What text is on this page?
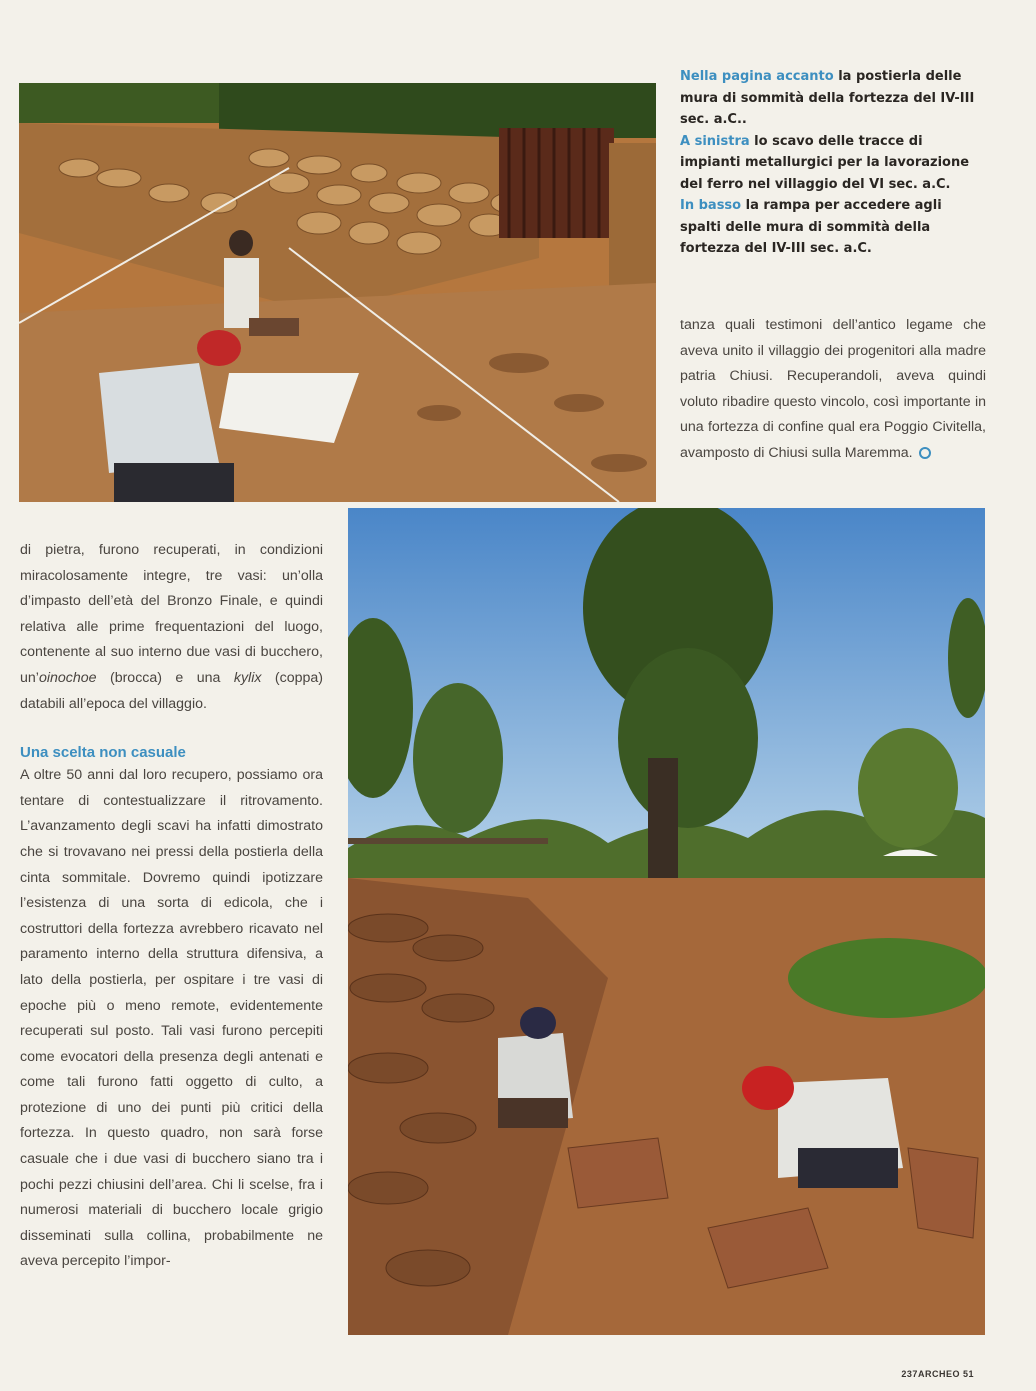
Nella pagina accanto la postierla delle mura di sommità della fortezza del IV-III sec. a.C..

A sinistra lo scavo delle tracce di impianti metallurgici per la lavorazione del ferro nel villaggio del VI sec. a.C.

In basso la rampa per accedere agli spalti delle mura di sommità della fortezza del IV-III sec. a.C.

tanza quali testimoni dell’antico legame che aveva unito il villaggio dei progenitori alla madre patria Chiusi. Recuperandoli, aveva quindi voluto ribadire questo vincolo, così importante in una fortezza di confine qual era Poggio Civitella, avamposto di Chiusi sulla Maremma.

di pietra, furono recuperati, in condizioni miracolosamente integre, tre vasi: un’olla d’impasto dell’età del Bronzo Finale, e quindi relativa alle prime frequentazioni del luogo, contenente al suo interno due vasi di bucchero, un’oinochoe (brocca) e una kylix (coppa) databili all’epoca del villaggio.

Una scelta non casuale

A oltre 50 anni dal loro recupero, possiamo ora tentare di contestualizzare il ritrovamento. L’avanzamento degli scavi ha infatti dimostrato che si trovavano nei pressi della postierla della cinta sommitale. Dovremo quindi ipotizzare l’esistenza di una sorta di edicola, che i costruttori della fortezza avrebbero ricavato nel paramento interno della struttura difensiva, a lato della postierla, per ospitare i tre vasi di epoche più o meno remote, evidentemente recuperati sul posto. Tali vasi furono percepiti come evocatori della presenza degli antenati e come tali furono fatti oggetto di culto, a protezione di uno dei punti più critici della fortezza. In questo quadro, non sarà forse casuale che i due vasi di bucchero siano tra i pochi pezzi chiusini dell’area. Chi li scelse, fra i numerosi materiali di bucchero locale grigio disseminati sulla collina, probabilmente ne aveva percepito l’impor-

237ARCHEO 51
